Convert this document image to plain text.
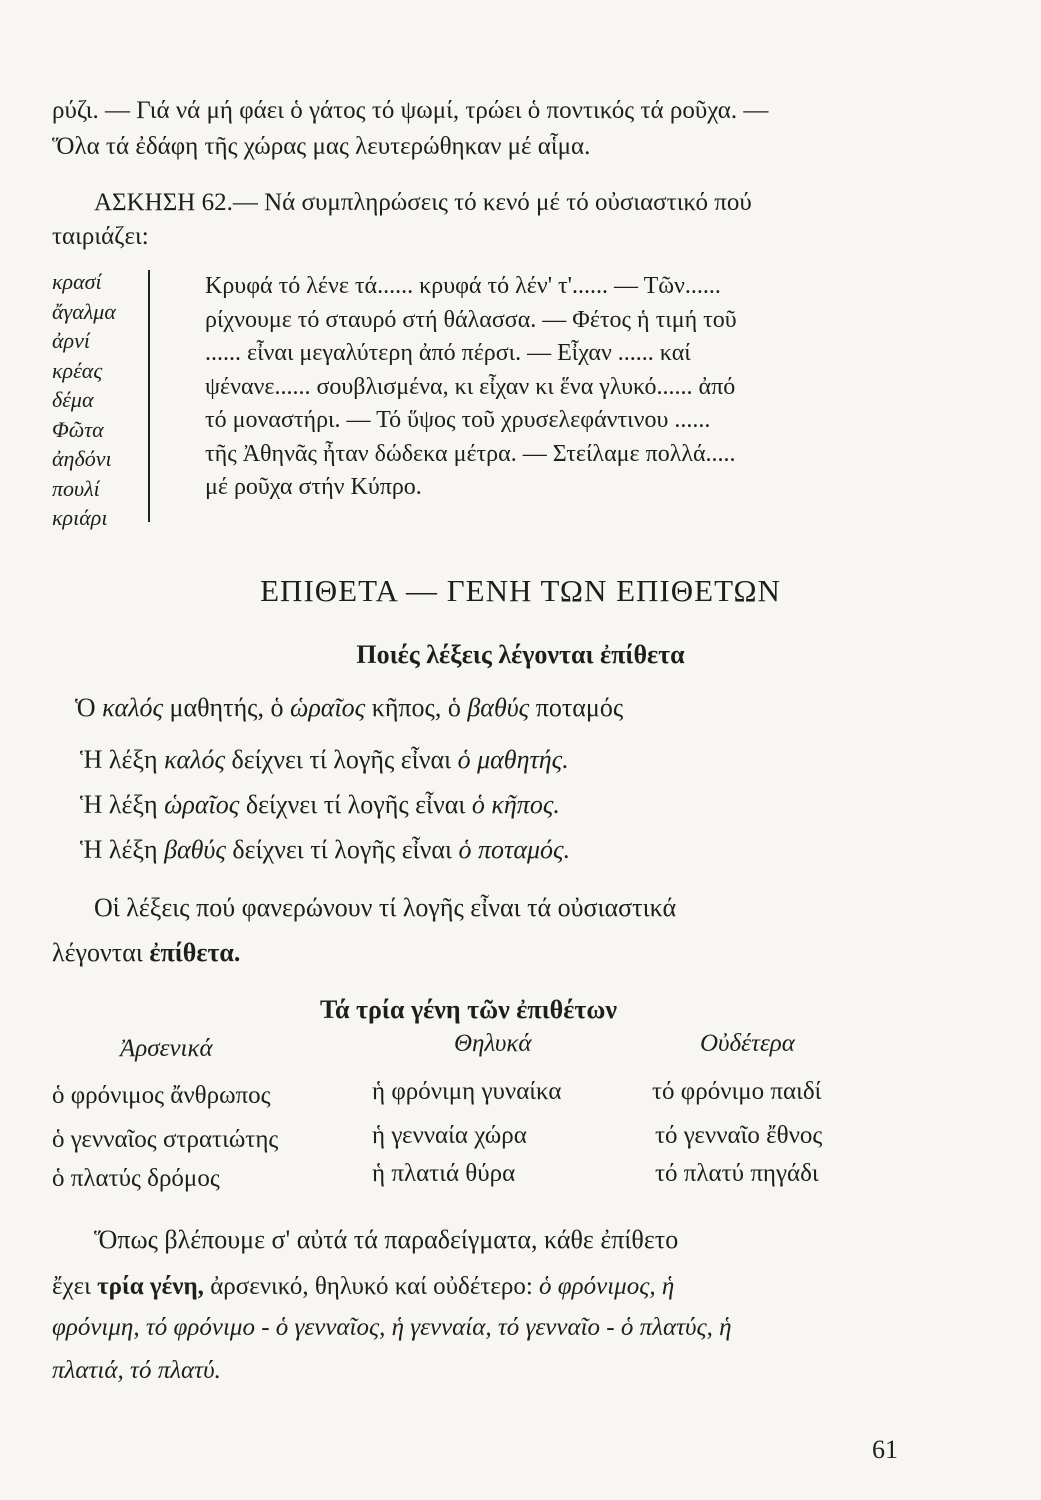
ρύζι. — Γιά νά μή φάει ὁ γάτος τό ψωμί, τρώει ὁ ποντικός τά ροῦχα. —
Ὅλα τά ἐδάφη τῆς χώρας μας λευτερώθηκαν μέ αἷμα.
ΑΣΚΗΣΗ 62.— Νά συμπληρώσεις τό κενό μέ τό οὐσιαστικό πού
ταιριάζει:
κρασί
ἄγαλμα
ἀρνί
κρέας
δέμα
Φῶτα
ἀηδόνι
πουλί
κριάρι
Κρυφά τό λένε τά...... κρυφά τό λέν' τ'...... — Τῶν......
ρίχνουμε τό σταυρό στή θάλασσα. — Φέτος ἡ τιμή τοῦ
...... εἶναι μεγαλύτερη ἀπό πέρσι. — Εἶχαν ...... καί
ψένανε...... σουβλισμένα, κι εἶχαν κι ἕνα γλυκό...... ἀπό
τό μοναστήρι. — Τό ὕψος τοῦ χρυσελεφάντινου ......
τῆς Ἀθηνᾶς ἦταν δώδεκα μέτρα. — Στείλαμε πολλά.....
μέ ροῦχα στήν Κύπρο.
ΕΠΙΘΕΤΑ — ΓΕΝΗ ΤΩΝ ΕΠΙΘΕΤΩΝ
Ποιές λέξεις λέγονται ἐπίθετα
Ὁ καλός μαθητής, ὁ ὡραῖος κῆπος, ὁ βαθύς ποταμός
Ἡ λέξη καλός δείχνει τί λογῆς εἶναι ὁ μαθητής.
Ἡ λέξη ὡραῖος δείχνει τί λογῆς εἶναι ὁ κῆπος.
Ἡ λέξη βαθύς δείχνει τί λογῆς εἶναι ὁ ποταμός.
Οἱ λέξεις πού φανερώνουν τί λογῆς εἶναι τά οὐσιαστικά
λέγονται ἐπίθετα.
Τά τρία γένη τῶν ἐπιθέτων
Ἀρσενικά	Θηλυκά	Οὐδέτερα
ὁ φρόνιμος ἄνθρωπος	ἡ φρόνιμη γυναίκα	τό φρόνιμο παιδί
ὁ γενναῖος στρατιώτης	ἡ γενναία χώρα	τό γενναῖο ἔθνος
ὁ πλατύς δρόμος	ἡ πλατιά θύρα	τό πλατύ πηγάδι
Ὅπως βλέπουμε σ' αὐτά τά παραδείγματα, κάθε ἐπίθετο
ἔχει τρία γένη, ἀρσενικό, θηλυκό καί οὐδέτερο: ὁ φρόνιμος, ἡ
φρόνιμη, τό φρόνιμο - ὁ γενναῖος, ἡ γενναία, τό γενναῖο - ὁ πλατύς, ἡ
πλατιά, τό πλατύ.
61
